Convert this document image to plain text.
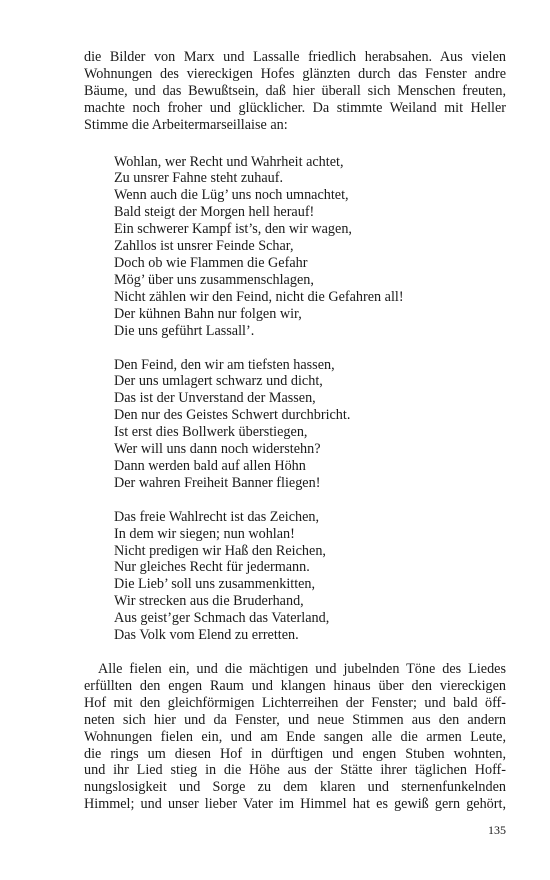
die Bilder von Marx und Lassalle friedlich herabsahen. Aus vielen

Wohnungen des viereckigen Hofes glänzten durch das Fenster andre

Bäume, und das Bewußtsein, daß hier überall sich Menschen freuten,

machte noch froher und glücklicher. Da stimmte Weiland mit Heller

Stimme die Arbeitermarseillaise an:

Wohlan, wer Recht und Wahrheit achtet,
Zu unsrer Fahne steht zuhauf.
Wenn auch die Lüg’ uns noch umnachtet,
Bald steigt der Morgen hell herauf!
Ein schwerer Kampf ist’s, den wir wagen,
Zahllos ist unsrer Feinde Schar,
Doch ob wie Flammen die Gefahr
Mög’ über uns zusammenschlagen,
Nicht zählen wir den Feind, nicht die Gefahren all!
Der kühnen Bahn nur folgen wir,
Die uns geführt Lassall’.
Den Feind, den wir am tiefsten hassen,
Der uns umlagert schwarz und dicht,
Das ist der Unverstand der Massen,
Den nur des Geistes Schwert durchbricht.
Ist erst dies Bollwerk überstiegen,
Wer will uns dann noch widerstehn?
Dann werden bald auf allen Höhn
Der wahren Freiheit Banner fliegen!
Das freie Wahlrecht ist das Zeichen,
In dem wir siegen; nun wohlan!
Nicht predigen wir Haß den Reichen,
Nur gleiches Recht für jedermann.
Die Lieb’ soll uns zusammenkitten,
Wir strecken aus die Bruderhand,
Aus geist’ger Schmach das Vaterland,
Das Volk vom Elend zu erretten.

Alle fielen ein, und die mächtigen und jubelnden Töne des Liedes

erfüllten den engen Raum und klangen hinaus über den viereckigen

Hof mit den gleichförmigen Lichterreihen der Fenster; und bald öff-

neten sich hier und da Fenster, und neue Stimmen aus den andern

Wohnungen fielen ein, und am Ende sangen alle die armen Leute,

die rings um diesen Hof in dürftigen und engen Stuben wohnten,

und ihr Lied stieg in die Höhe aus der Stätte ihrer täglichen Hoff-

nungslosigkeit und Sorge zu dem klaren und sternenfunkelnden

Himmel; und unser lieber Vater im Himmel hat es gewiß gern gehört,

135
